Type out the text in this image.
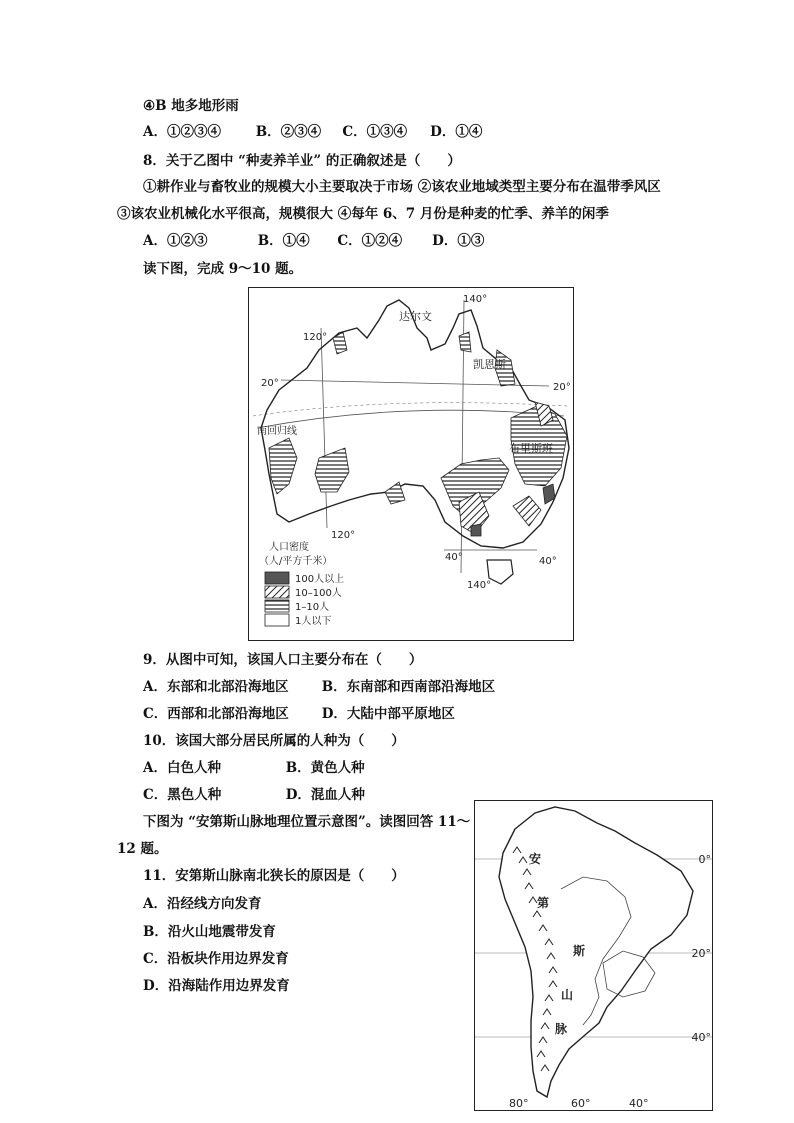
④B 地多地形雨
A．①②③④	B．②③④ C．①③④ D．①④
8．关于乙图中 “种麦养羊业” 的正确叙述是（　　）
①耕作业与畜牧业的规模大小主要取决于市场 ②该农业地域类型主要分布在温带季风区
③该农业机械化水平很高，规模很大 ④每年 6、7 月份是种麦的忙季、养羊的闲季
A．①②③	B．①④ C．①②④ D．①③
读下图，完成 9～10 题。
达尔文
凯恩斯
布里斯班
南回归线
120°
140°
20°	20°
120°
40°	40°
140°
人口密度
（人/平方千米）
100人以上
10–100人
1–10人
1人以下
9．从图中可知，该国人口主要分布在（　　）
A．东部和北部沿海地区 B．东南部和西南部沿海地区
C．西部和北部沿海地区 D．大陆中部平原地区
10．该国大部分居民所属的人种为（　　）
A．白色人种	B．黄色人种
C．黑色人种	D．混血人种
下图为 “安第斯山脉地理位置示意图”。读图回答 11～
12 题。
11．安第斯山脉南北狭长的原因是（　　）
A．沿经线方向发育
B．沿火山地震带发育
C．沿板块作用边界发育
D．沿海陆作用边界发育
安
第
斯
山
脉
0°
20°
40°
80°	60°	40°
